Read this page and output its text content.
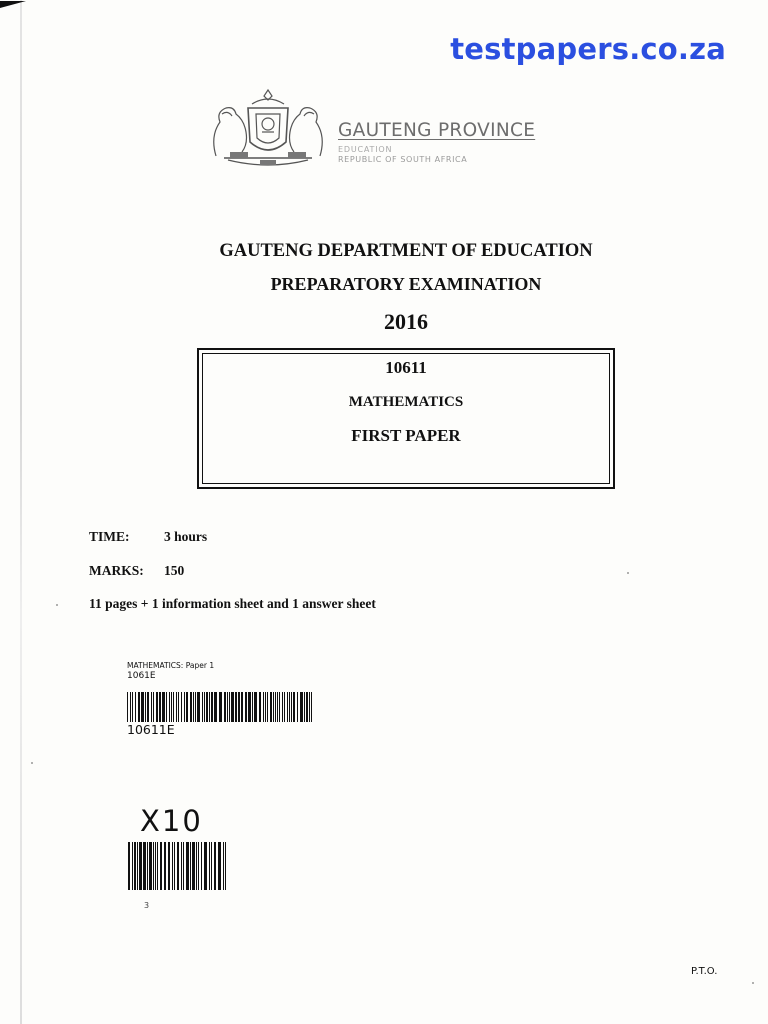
testpapers.co.za
GAUTENG PROVINCE
EDUCATION
REPUBLIC OF SOUTH AFRICA
GAUTENG DEPARTMENT OF EDUCATION
PREPARATORY EXAMINATION
2016
10611
MATHEMATICS
FIRST PAPER
TIME:	3 hours
MARKS: 150
11 pages + 1 information sheet and 1 answer sheet
MATHEMATICS: Paper 1
1061E
10611E
X10
3
P.T.O.
